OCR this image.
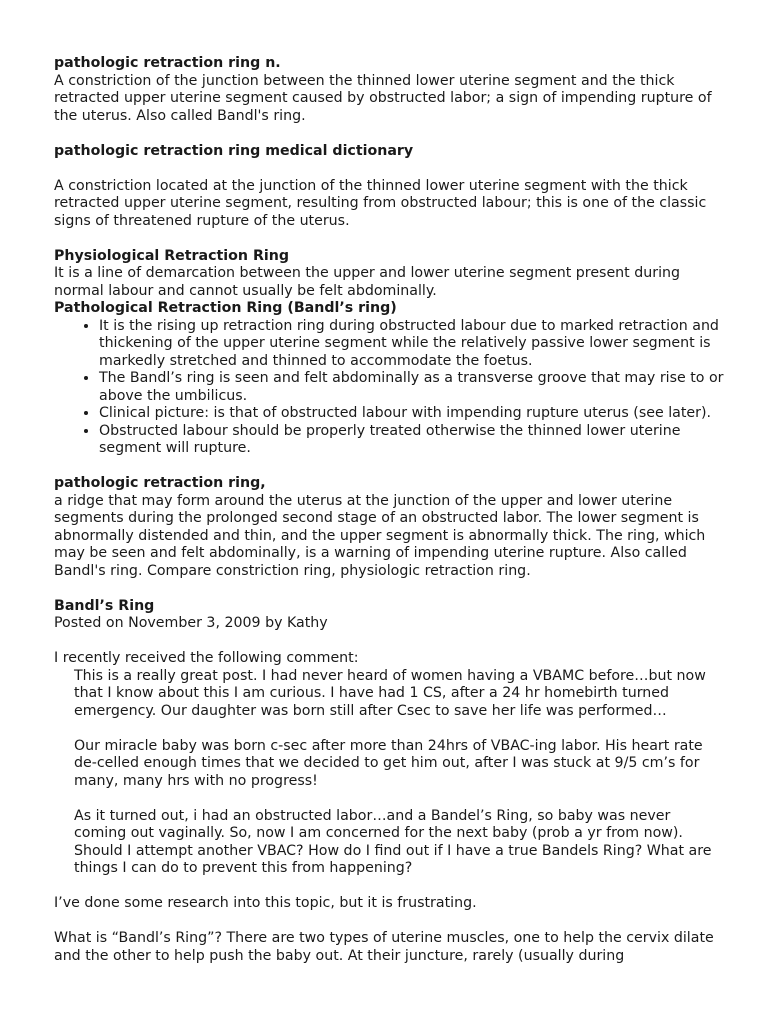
pathologic retraction ring n.

A constriction of the junction between the thinned lower uterine segment and the thick retracted upper uterine segment caused by obstructed labor; a sign of impending rupture of the uterus. Also called Bandl's ring.

pathologic retraction ring medical dictionary

A constriction located at the junction of the thinned lower uterine segment with the thick retracted upper uterine segment, resulting from obstructed labour; this is one of the classic signs of threatened rupture of the uterus.

Physiological Retraction Ring

It is a line of demarcation between the upper and lower uterine segment present during normal labour and cannot usually be felt abdominally.

Pathological Retraction Ring (Bandl’s ring)

• It is the rising up retraction ring during obstructed labour due to marked retraction and thickening of the upper uterine segment while the relatively passive lower segment is markedly stretched and thinned to accommodate the foetus.
• The Bandl’s ring is seen and felt abdominally as a transverse groove that may rise to or above the umbilicus.
• Clinical picture: is that of obstructed labour with impending rupture uterus (see later).
• Obstructed labour should be properly treated otherwise the thinned lower uterine segment will rupture.

pathologic retraction ring,

a ridge that may form around the uterus at the junction of the upper and lower uterine segments during the prolonged second stage of an obstructed labor. The lower segment is abnormally distended and thin, and the upper segment is abnormally thick. The ring, which may be seen and felt abdominally, is a warning of impending uterine rupture. Also called Bandl's ring. Compare constriction ring, physiologic retraction ring.

Bandl’s Ring

Posted on November 3, 2009 by Kathy

I recently received the following comment:

This is a really great post. I had never heard of women having a VBAMC before…but now that I know about this I am curious. I have had 1 CS, after a 24 hr homebirth turned emergency. Our daughter was born still after Csec to save her life was performed…

Our miracle baby was born c-sec after more than 24hrs of VBAC-ing labor. His heart rate de-celled enough times that we decided to get him out, after I was stuck at 9/5 cm’s for many, many hrs with no progress!

As it turned out, i had an obstructed labor…and a Bandel’s Ring, so baby was never coming out vaginally. So, now I am concerned for the next baby (prob a yr from now). Should I attempt another VBAC? How do I find out if I have a true Bandels Ring? What are things I can do to prevent this from happening?

I’ve done some research into this topic, but it is frustrating.

What is “Bandl’s Ring”? There are two types of uterine muscles, one to help the cervix dilate and the other to help push the baby out. At their juncture, rarely (usually during
